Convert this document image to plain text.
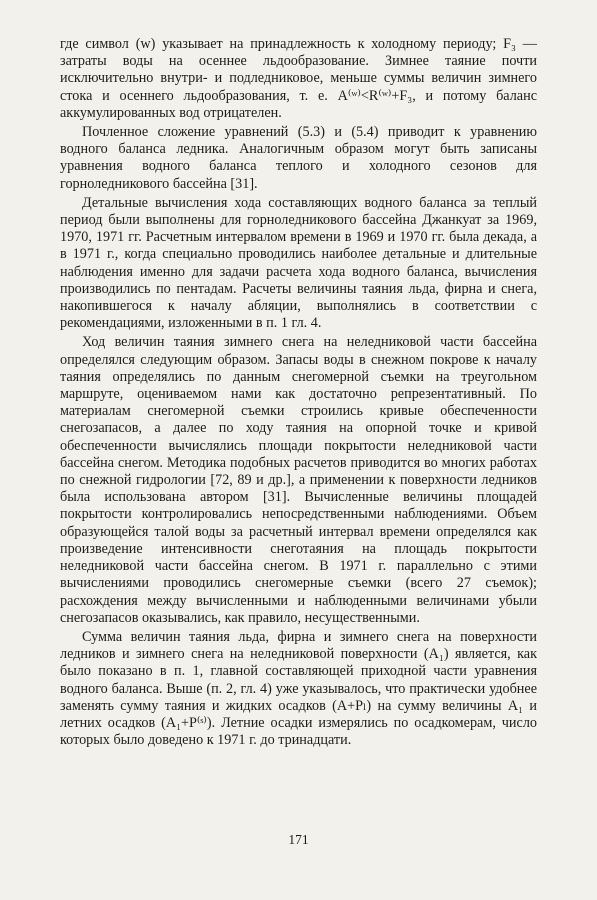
где символ (w) указывает на принадлежность к холодному периоду; F₃ — затраты воды на осеннее льдообразование. Зимнее таяние почти исключительно внутри- и подледниковое, меньше суммы величин зимнего стока и осеннего льдообразования, т. е. A⁽ʷ⁾<R⁽ʷ⁾+F₃, и потому баланс аккумулированных вод отрицателен.

Почленное сложение уравнений (5.3) и (5.4) приводит к уравнению водного баланса ледника. Аналогичным образом могут быть записаны уравнения водного баланса теплого и холодного сезонов для горноледникового бассейна [31].

Детальные вычисления хода составляющих водного баланса за теплый период были выполнены для горноледникового бассейна Джанкуат за 1969, 1970, 1971 гг. Расчетным интервалом времени в 1969 и 1970 гг. была декада, а в 1971 г., когда специально проводились наиболее детальные и длительные наблюдения именно для задачи расчета хода водного баланса, вычисления производились по пентадам. Расчеты величины таяния льда, фирна и снега, накопившегося к началу абляции, выполнялись в соответствии с рекомендациями, изложенными в п. 1 гл. 4.

Ход величин таяния зимнего снега на неледниковой части бассейна определялся следующим образом. Запасы воды в снежном покрове к началу таяния определялись по данным снегомерной съемки на треугольном маршруте, оцениваемом нами как достаточно репрезентативный. По материалам снегомерной съемки строились кривые обеспеченности снегозапасов, а далее по ходу таяния на опорной точке и кривой обеспеченности вычислялись площади покрытости неледниковой части бассейна снегом. Методика подобных расчетов приводится во многих работах по снежной гидрологии [72, 89 и др.], а применении к поверхности ледников была использована автором [31]. Вычисленные величины площадей покрытости контролировались непосредственными наблюдениями. Объем образующейся талой воды за расчетный интервал времени определялся как произведение интенсивности снеготаяния на площадь покрытости неледниковой части бассейна снегом. В 1971 г. параллельно с этими вычислениями проводились снегомерные съемки (всего 27 съемок); расхождения между вычисленными и наблюденными величинами убыли снегозапасов оказывались, как правило, несущественными.

Сумма величин таяния льда, фирна и зимнего снега на поверхности ледников и зимнего снега на неледниковой поверхности (A₁) является, как было показано в п. 1, главной составляющей приходной части уравнения водного баланса. Выше (п. 2, гл. 4) уже указывалось, что практически удобнее заменять сумму таяния и жидких осадков (A+Pₗ) на сумму величины A₁ и летних осадков (A₁+P⁽ˢ⁾). Летние осадки измерялись по осадкомерам, число которых было доведено к 1971 г. до тринадцати.

171
